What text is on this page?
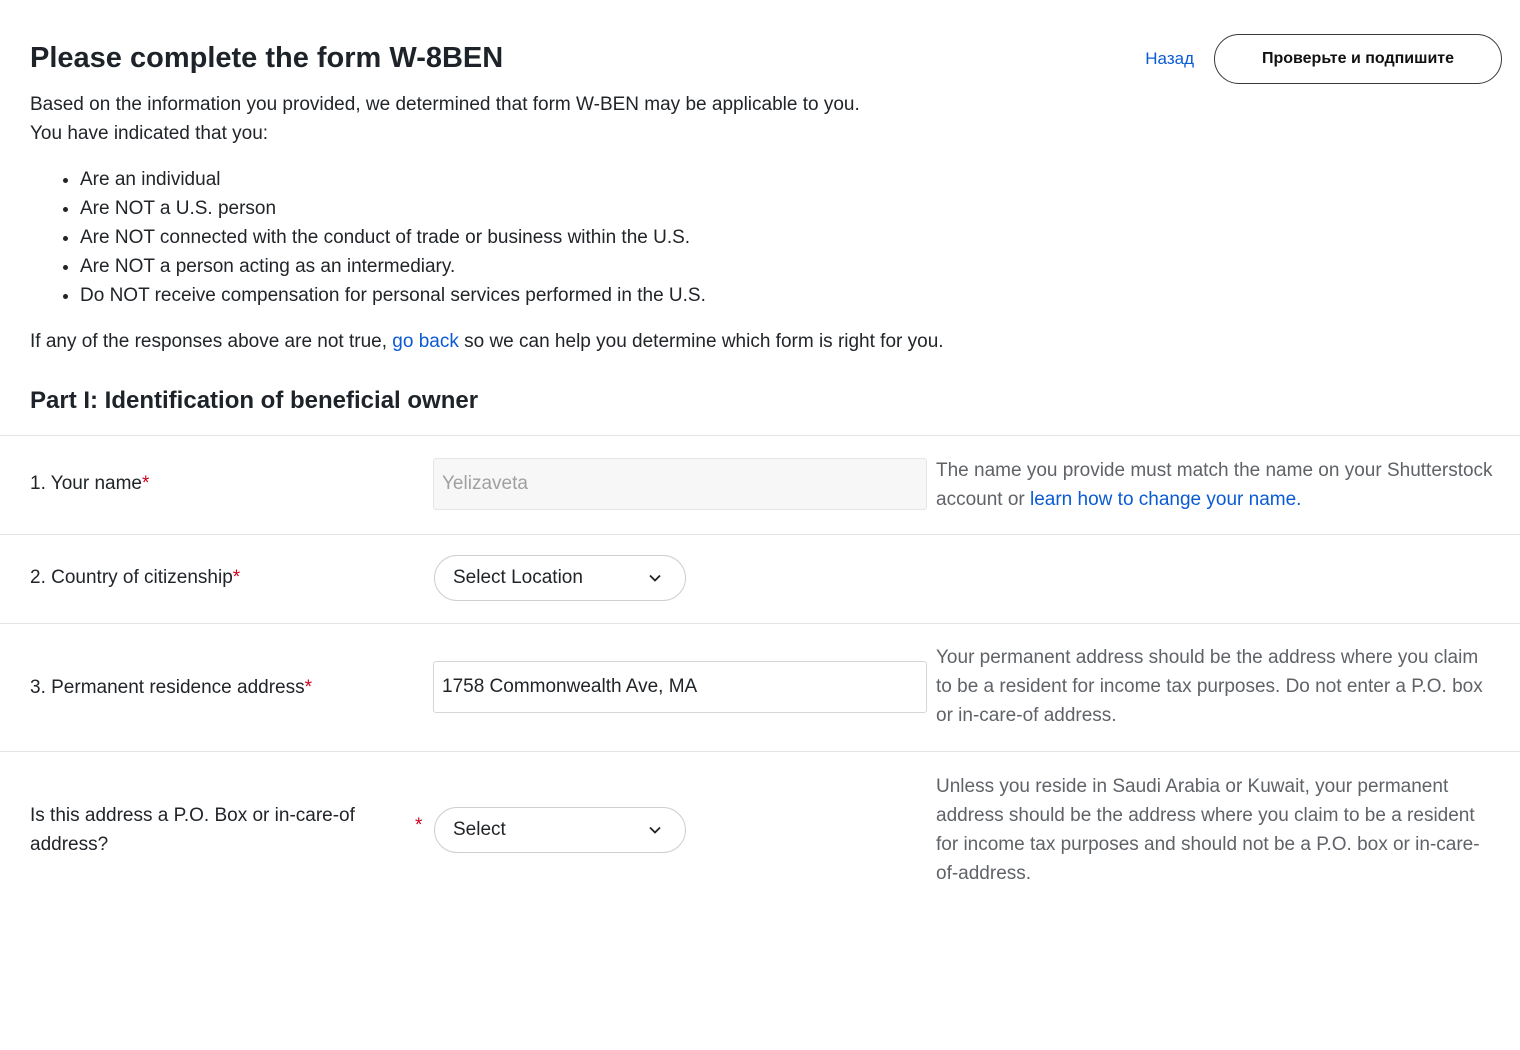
Назад	Проверьте и подпишите
Please complete the form W-8BEN

Based on the information you provided, we determined that form W-BEN may be applicable to you.

You have indicated that you:

• Are an individual
• Are NOT a U.S. person
• Are NOT connected with the conduct of trade or business within the U.S.
• Are NOT a person acting as an intermediary.
• Do NOT receive compensation for personal services performed in the U.S.

If any of the responses above are not true, go back so we can help you determine which form is right for you.

Part I: Identification of beneficial owner
1. Your name*
Yelizaveta
The name you provide must match the name on your Shutterstock account or learn how to change your name.
2. Country of citizenship*	Select Location
3. Permanent residence address*
1758 Commonwealth Ave, MA
Your permanent address should be the address where you claim to be a resident for income tax purposes. Do not enter a P.O. box or in-care-of address.
Is this address a P.O. Box or in-care-of address?
* Select
Unless you reside in Saudi Arabia or Kuwait, your permanent address should be the address where you claim to be a resident for income tax purposes and should not be a P.O. box or in-care-of-address.
